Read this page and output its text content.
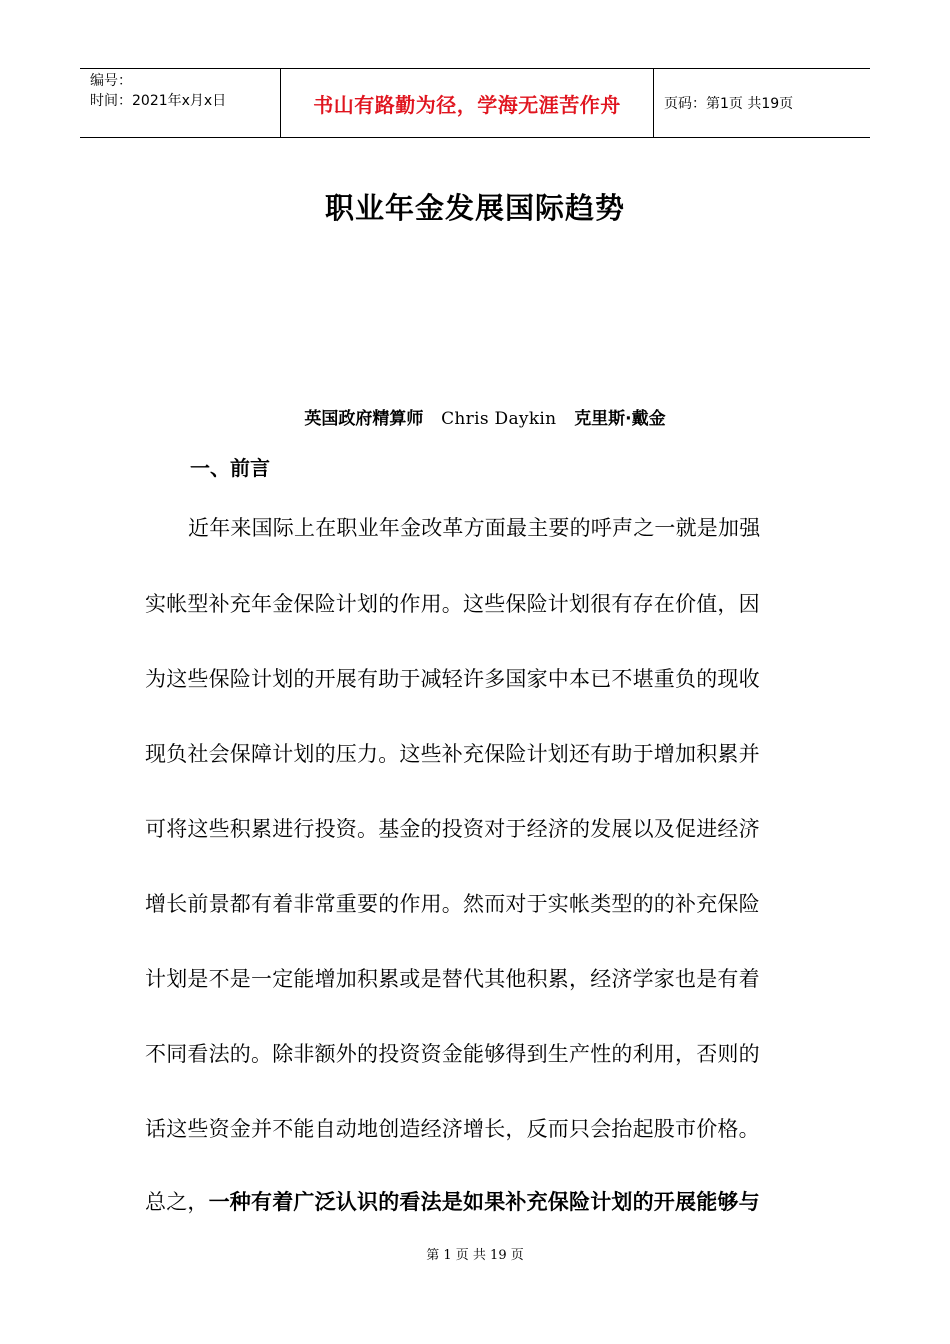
编号：
时间：2021年x月x日	书山有路勤为径，学海无涯苦作舟	页码：第1页 共19页
职业年金发展国际趋势
英国政府精算师 Chris Daykin 克里斯·戴金
一、前言
近年来国际上在职业年金改革方面最主要的呼声之一就是加强
实帐型补充年金保险计划的作用。这些保险计划很有存在价值，因
为这些保险计划的开展有助于减轻许多国家中本已不堪重负的现收
现负社会保障计划的压力。这些补充保险计划还有助于增加积累并
可将这些积累进行投资。基金的投资对于经济的发展以及促进经济
增长前景都有着非常重要的作用。然而对于实帐类型的的补充保险
计划是不是一定能增加积累或是替代其他积累，经济学家也是有着
不同看法的。除非额外的投资资金能够得到生产性的利用，否则的
话这些资金并不能自动地创造经济增长，反而只会抬起股市价格。
总之，一种有着广泛认识的看法是如果补充保险计划的开展能够与
第 1 页 共 19 页
